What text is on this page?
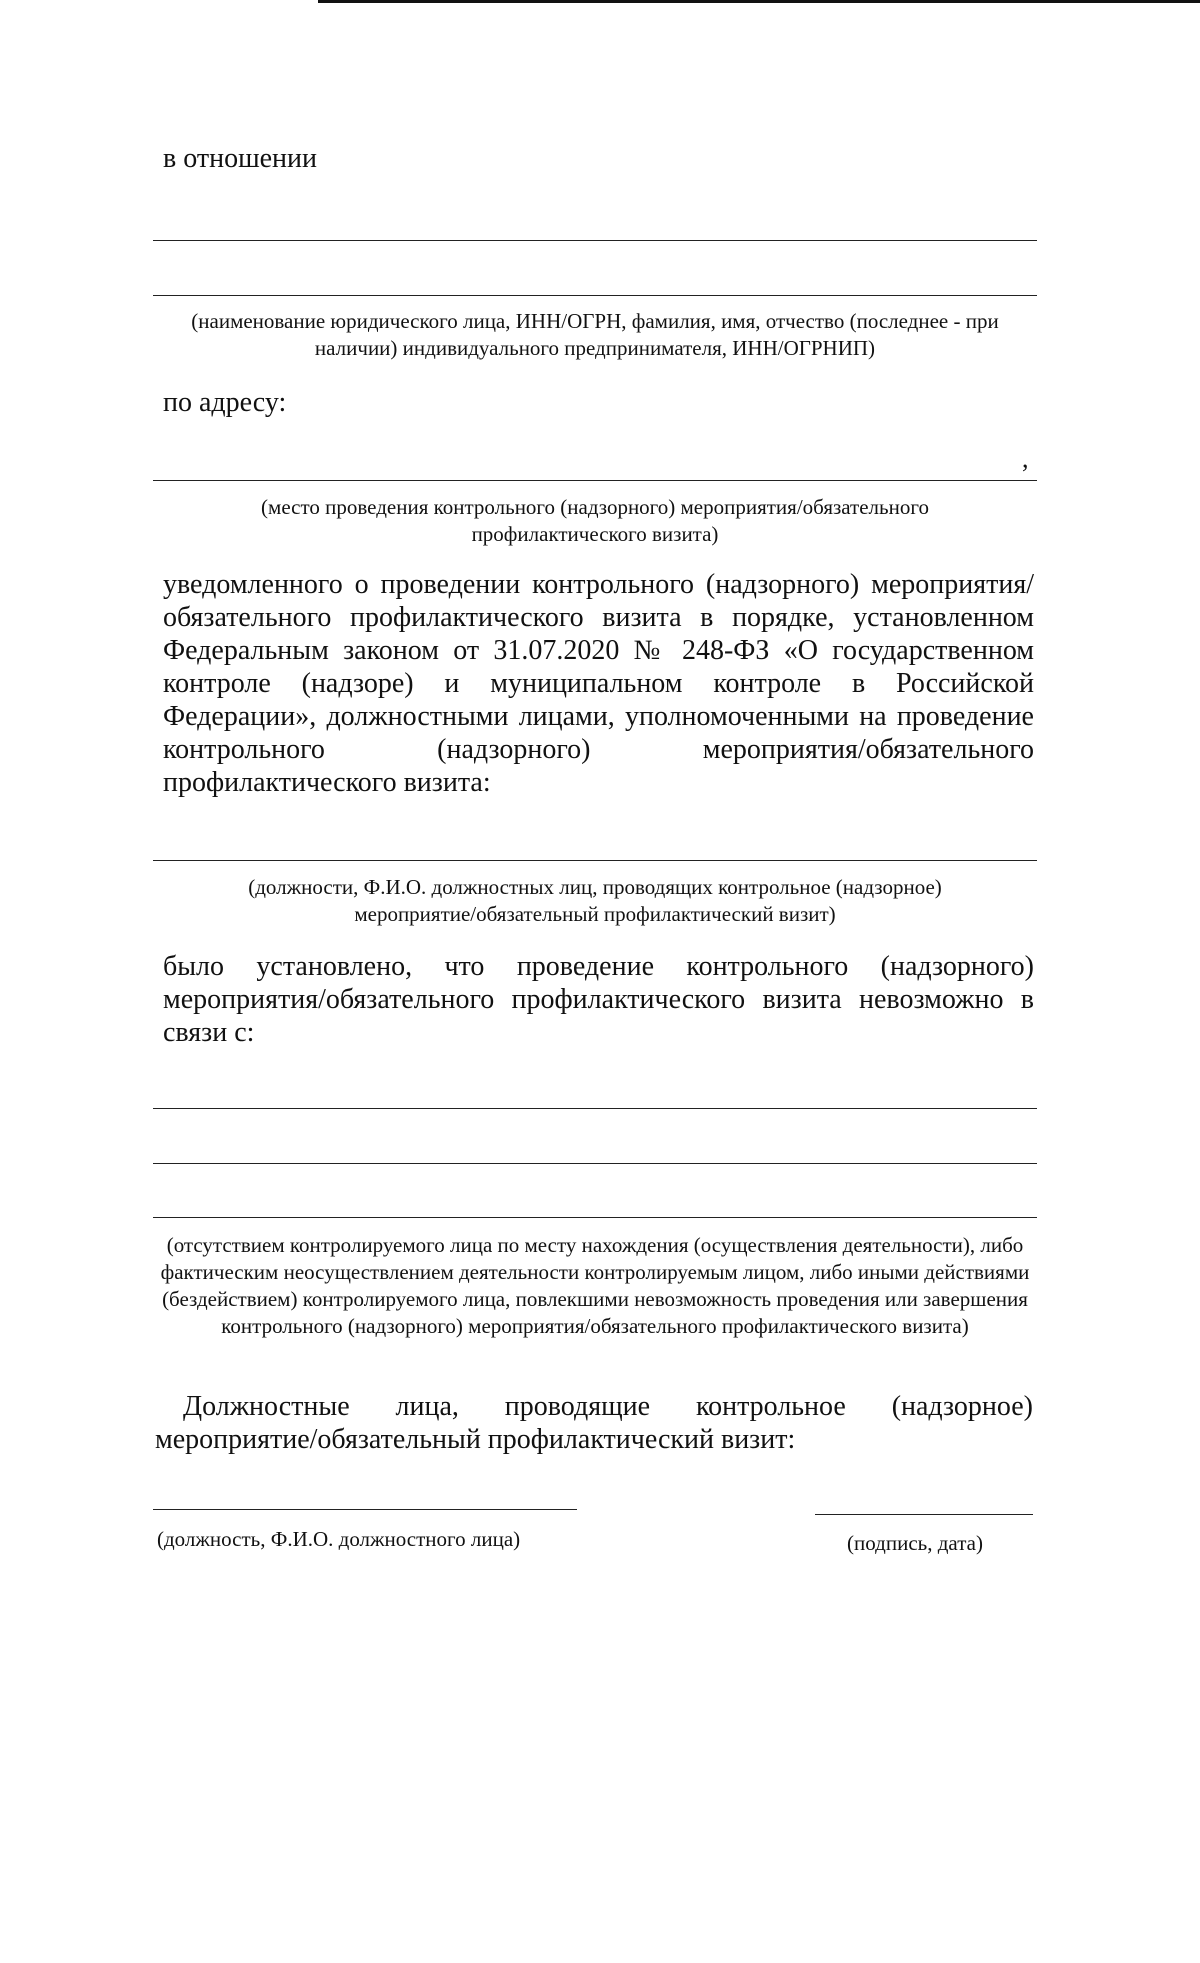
в отношении
(наименование юридического лица, ИНН/ОГРН, фамилия, имя, отчество (последнее - при наличии) индивидуального предпринимателя, ИНН/ОГРНИП)
по адресу:
,
(место проведения контрольного (надзорного) мероприятия/обязательного профилактического визита)
уведомленного о проведении контрольного (надзорного) мероприятия/обязательного профилактического визита в порядке, установленном Федеральным законом от 31.07.2020 № 248-ФЗ «О государственном контроле (надзоре) и муниципальном контроле в Российской Федерации», должностными лицами, уполномоченными на проведение контрольного (надзорного) мероприятия/обязательного профилактического визита:
(должности, Ф.И.О. должностных лиц, проводящих контрольное (надзорное) мероприятие/обязательный профилактический визит)
было установлено, что проведение контрольного (надзорного) мероприятия/обязательного профилактического визита невозможно в связи с:
(отсутствием контролируемого лица по месту нахождения (осуществления деятельности), либо фактическим неосуществлением деятельности контролируемым лицом, либо иными действиями (бездействием) контролируемого лица, повлекшими невозможность проведения или завершения контрольного (надзорного) мероприятия/обязательного профилактического визита)
Должностные лица, проводящие контрольное (надзорное) мероприятие/обязательный профилактический визит:
(должность, Ф.И.О. должностного лица)	(подпись, дата)
